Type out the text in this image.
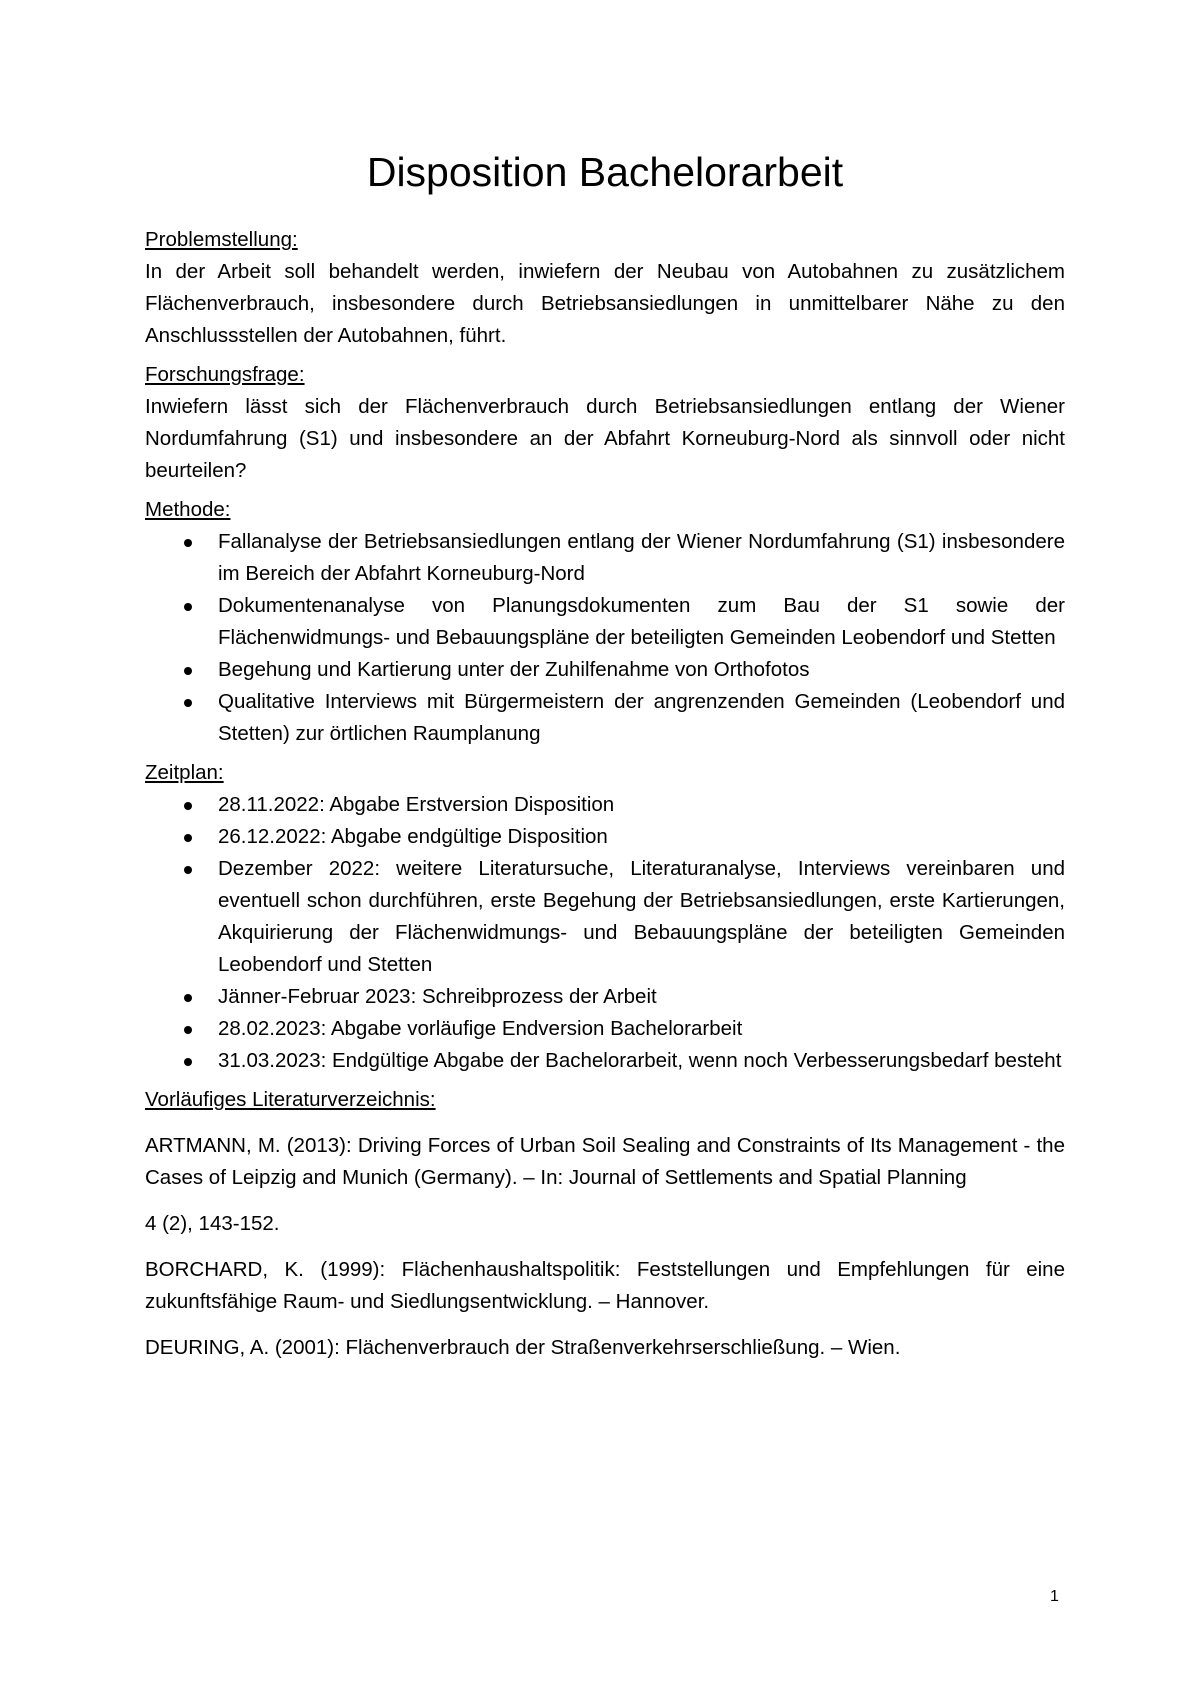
Disposition Bachelorarbeit
Problemstellung:

In der Arbeit soll behandelt werden, inwiefern der Neubau von Autobahnen zu zusätzlichem Flächenverbrauch, insbesondere durch Betriebsansiedlungen in unmittelbarer Nähe zu den Anschlussstellen der Autobahnen, führt.

Forschungsfrage:

Inwiefern lässt sich der Flächenverbrauch durch Betriebsansiedlungen entlang der Wiener Nordumfahrung (S1) und insbesondere an der Abfahrt Korneuburg-Nord als sinnvoll oder nicht beurteilen?

Methode:
Fallanalyse der Betriebsansiedlungen entlang der Wiener Nordumfahrung (S1) insbesondere im Bereich der Abfahrt Korneuburg-Nord
Dokumentenanalyse von Planungsdokumenten zum Bau der S1 sowie der Flächenwidmungs- und Bebauungspläne der beteiligten Gemeinden Leobendorf und Stetten
Begehung und Kartierung unter der Zuhilfenahme von Orthofotos
Qualitative Interviews mit Bürgermeistern der angrenzenden Gemeinden (Leobendorf und Stetten) zur örtlichen Raumplanung
Zeitplan:
28.11.2022: Abgabe Erstversion Disposition
26.12.2022: Abgabe endgültige Disposition
Dezember 2022: weitere Literatursuche, Literaturanalyse, Interviews vereinbaren und eventuell schon durchführen, erste Begehung der Betriebsansiedlungen, erste Kartierungen, Akquirierung der Flächenwidmungs- und Bebauungspläne der beteiligten Gemeinden Leobendorf und Stetten
Jänner-Februar 2023: Schreibprozess der Arbeit
28.02.2023: Abgabe vorläufige Endversion Bachelorarbeit
31.03.2023: Endgültige Abgabe der Bachelorarbeit, wenn noch Verbesserungsbedarf besteht
Vorläufiges Literaturverzeichnis:

ARTMANN, M. (2013): Driving Forces of Urban Soil Sealing and Constraints of Its Management - the Cases of Leipzig and Munich (Germany). – In: Journal of Settlements and Spatial Planning

4 (2), 143-152.

BORCHARD, K. (1999): Flächenhaushaltspolitik: Feststellungen und Empfehlungen für eine zukunftsfähige Raum- und Siedlungsentwicklung. – Hannover.

DEURING, A. (2001): Flächenverbrauch der Straßenverkehrserschließung. – Wien.

1
